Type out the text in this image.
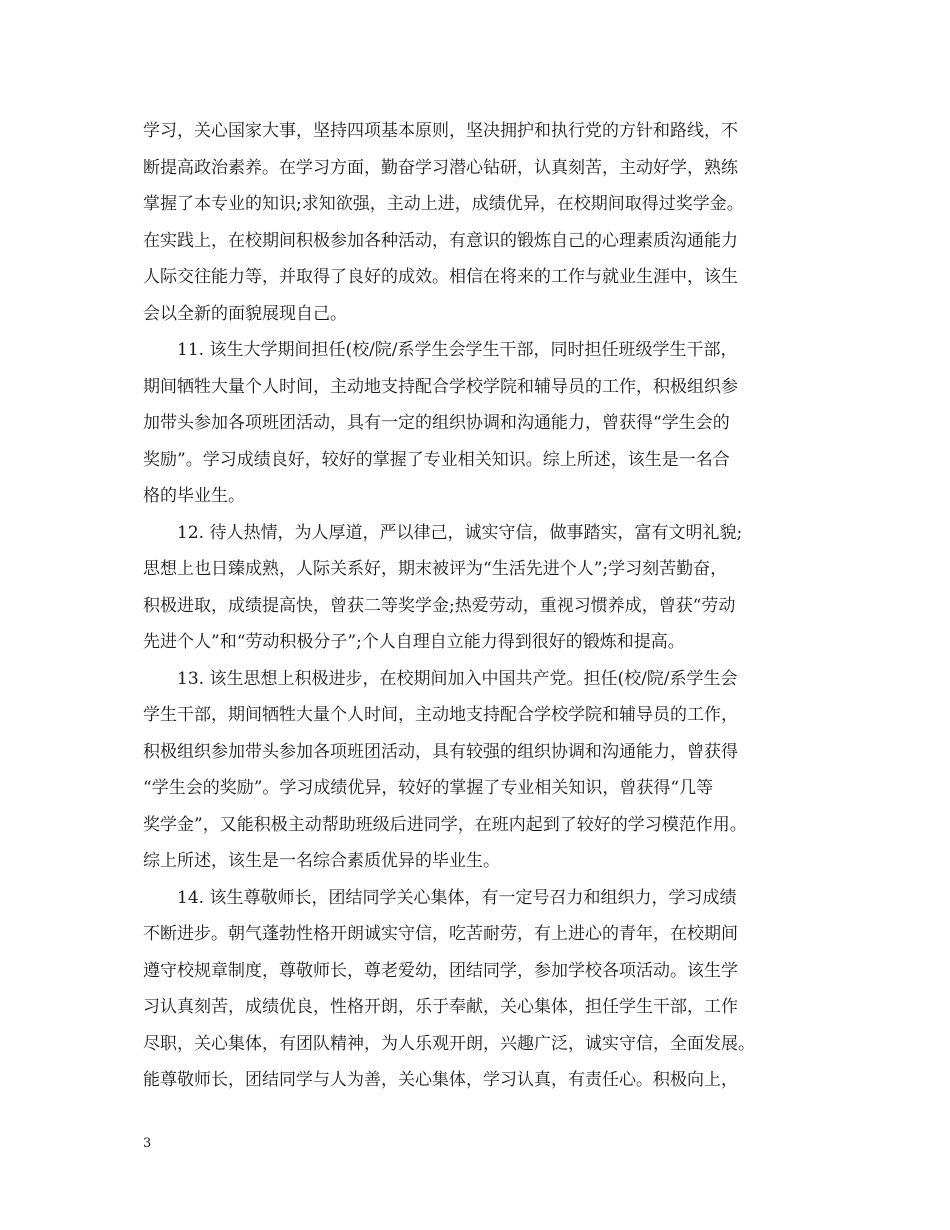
学习，关心国家大事，坚持四项基本原则，坚决拥护和执行党的方针和路线，不
断提高政治素养。在学习方面，勤奋学习潜心钻研，认真刻苦，主动好学，熟练
掌握了本专业的知识;求知欲强，主动上进，成绩优异，在校期间取得过奖学金。
在实践上，在校期间积极参加各种活动，有意识的锻炼自己的心理素质沟通能力
人际交往能力等，并取得了良好的成效。相信在将来的工作与就业生涯中，该生
会以全新的面貌展现自己。
11. 该生大学期间担任(校/院/系学生会学生干部，同时担任班级学生干部，
期间牺牲大量个人时间，主动地支持配合学校学院和辅导员的工作，积极组织参
加带头参加各项班团活动，具有一定的组织协调和沟通能力，曾获得“学生会的
奖励”。学习成绩良好，较好的掌握了专业相关知识。综上所述，该生是一名合
格的毕业生。
12. 待人热情，为人厚道，严以律己，诚实守信，做事踏实，富有文明礼貌;
思想上也日臻成熟，人际关系好，期末被评为“生活先进个人”;学习刻苦勤奋，
积极进取，成绩提高快，曾获二等奖学金;热爱劳动，重视习惯养成，曾获“劳动
先进个人”和“劳动积极分子”;个人自理自立能力得到很好的锻炼和提高。
13. 该生思想上积极进步，在校期间加入中国共产党。担任(校/院/系学生会
学生干部，期间牺牲大量个人时间，主动地支持配合学校学院和辅导员的工作，
积极组织参加带头参加各项班团活动，具有较强的组织协调和沟通能力，曾获得
“学生会的奖励”。学习成绩优异，较好的掌握了专业相关知识，曾获得“几等
奖学金”，又能积极主动帮助班级后进同学，在班内起到了较好的学习模范作用。
综上所述，该生是一名综合素质优异的毕业生。
14. 该生尊敬师长，团结同学关心集体，有一定号召力和组织力，学习成绩
不断进步。朝气蓬勃性格开朗诚实守信，吃苦耐劳，有上进心的青年，在校期间
遵守校规章制度，尊敬师长，尊老爱幼，团结同学，参加学校各项活动。该生学
习认真刻苦，成绩优良，性格开朗，乐于奉献，关心集体，担任学生干部，工作
尽职，关心集体，有团队精神，为人乐观开朗，兴趣广泛，诚实守信，全面发展。
能尊敬师长，团结同学与人为善，关心集体，学习认真，有责任心。积极向上，
3
